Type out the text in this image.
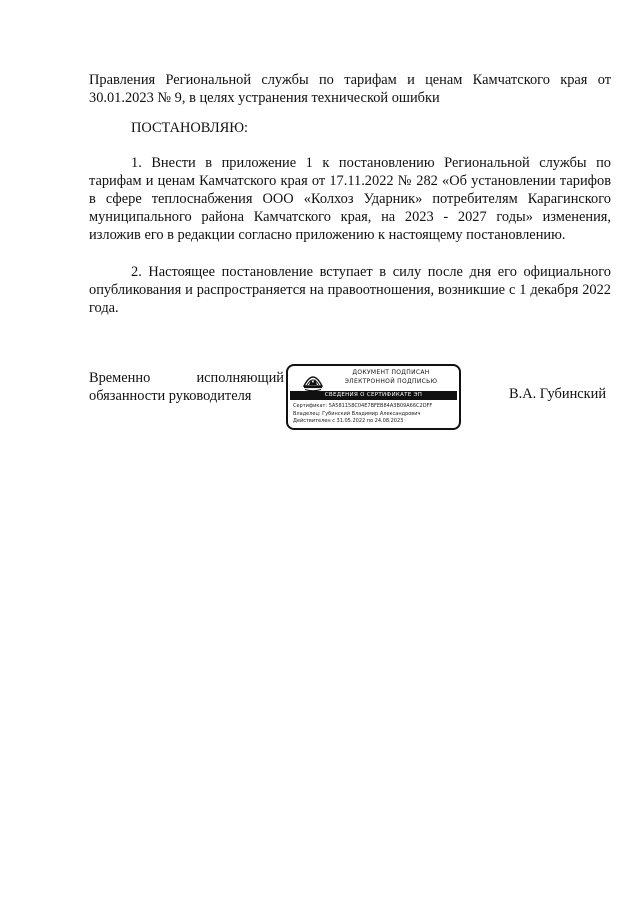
Правления Региональной службы по тарифам и ценам Камчатского края от
30.01.2023 № 9, в целях устранения технической ошибки
ПОСТАНОВЛЯЮ:
1. Внести в приложение 1 к постановлению Региональной службы по тарифам и ценам Камчатского края от 17.11.2022 № 282 «Об установлении тарифов в сфере теплоснабжения ООО «Колхоз Ударник» потребителям Карагинского муниципального района Камчатского края, на 2023 - 2027 годы» изменения, изложив его в редакции согласно приложению к настоящему постановлению.
2. Настоящее постановление вступает в силу после дня его официального опубликования и распространяется на правоотношения, возникшие с 1 декабря 2022 года.
Временно	исполняющий
обязанности руководителя
ДОКУМЕНТ ПОДПИСАН
ЭЛЕКТРОННОЙ ПОДПИСЬЮ
СВЕДЕНИЯ О СЕРТИФИКАТЕ ЭП
Сертификат: 5A581158C04E7BFEB84A3B09A66C2DFF
Владелец: Губинский Владимир Александрович
Действителен с 31.05.2022 по 24.08.2023
В.А. Губинский
